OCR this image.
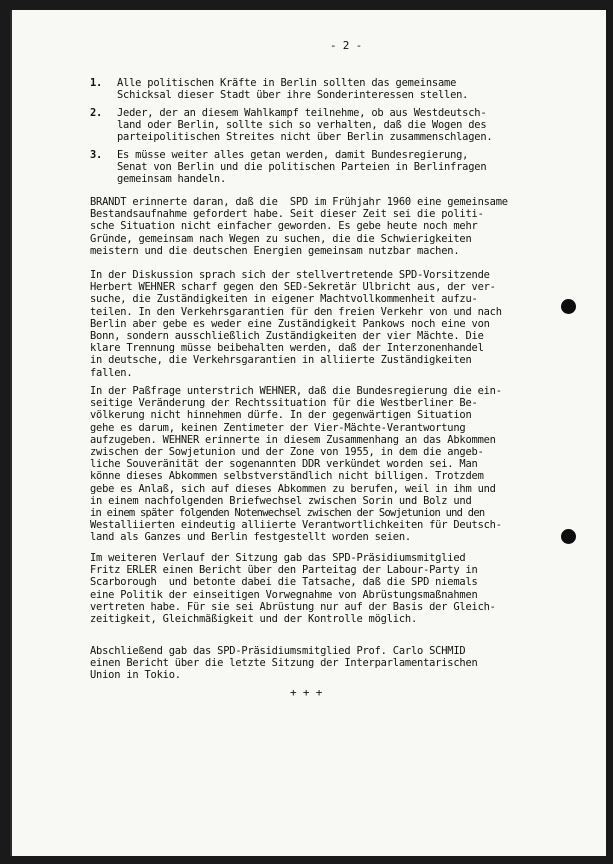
- 2 -
1.	Alle politischen Kräfte in Berlin sollten das gemeinsame
Schicksal dieser Stadt über ihre Sonderinteressen stellen.
2.	Jeder, der an diesem Wahlkampf teilnehme, ob aus Westdeutsch-
land oder Berlin, sollte sich so verhalten, daß die Wogen des
parteipolitischen Streites nicht über Berlin zusammenschlagen.
3.	Es müsse weiter alles getan werden, damit Bundesregierung,
Senat von Berlin und die politischen Parteien in Berlinfragen
gemeinsam handeln.
BRANDT erinnerte daran, daß die  SPD im Frühjahr 1960 eine gemeinsame
Bestandsaufnahme gefordert habe. Seit dieser Zeit sei die politi-
sche Situation nicht einfacher geworden. Es gebe heute noch mehr
Gründe, gemeinsam nach Wegen zu suchen, die die Schwierigkeiten
meistern und die deutschen Energien gemeinsam nutzbar machen.
In der Diskussion sprach sich der stellvertretende SPD-Vorsitzende
Herbert WEHNER scharf gegen den SED-Sekretär Ulbricht aus, der ver-
suche, die Zuständigkeiten in eigener Machtvollkommenheit aufzu-
teilen. In den Verkehrsgarantien für den freien Verkehr von und nach
Berlin aber gebe es weder eine Zuständigkeit Pankows noch eine von
Bonn, sondern ausschließlich Zuständigkeiten der vier Mächte. Die
klare Trennung müsse beibehalten werden, daß der Interzonenhandel
in deutsche, die Verkehrsgarantien in alliierte Zuständigkeiten
fallen.
In der Paßfrage unterstrich WEHNER, daß die Bundesregierung die ein-
seitige Veränderung der Rechtssituation für die Westberliner Be-
völkerung nicht hinnehmen dürfe. In der gegenwärtigen Situation
gehe es darum, keinen Zentimeter der Vier-Mächte-Verantwortung
aufzugeben. WEHNER erinnerte in diesem Zusammenhang an das Abkommen
zwischen der Sowjetunion und der Zone von 1955, in dem die angeb-
liche Souveränität der sogenannten DDR verkündet worden sei. Man
könne dieses Abkommen selbstverständlich nicht billigen. Trotzdem
gebe es Anlaß, sich auf dieses Abkommen zu berufen, weil in ihm und
in einem nachfolgenden Briefwechsel zwischen Sorin und Bolz und
in einem später folgenden Notenwechsel zwischen der Sowjetunion und den
Westalliierten eindeutig alliierte Verantwortlichkeiten für Deutsch-
land als Ganzes und Berlin festgestellt worden seien.
Im weiteren Verlauf der Sitzung gab das SPD-Präsidiumsmitglied
Fritz ERLER einen Bericht über den Parteitag der Labour-Party in
Scarborough  und betonte dabei die Tatsache, daß die SPD niemals
eine Politik der einseitigen Vorwegnahme von Abrüstungsmaßnahmen
vertreten habe. Für sie sei Abrüstung nur auf der Basis der Gleich-
zeitigkeit, Gleichmäßigkeit und der Kontrolle möglich.
Abschließend gab das SPD-Präsidiumsmitglied Prof. Carlo SCHMID
einen Bericht über die letzte Sitzung der Interparlamentarischen
Union in Tokio.
+ + +
